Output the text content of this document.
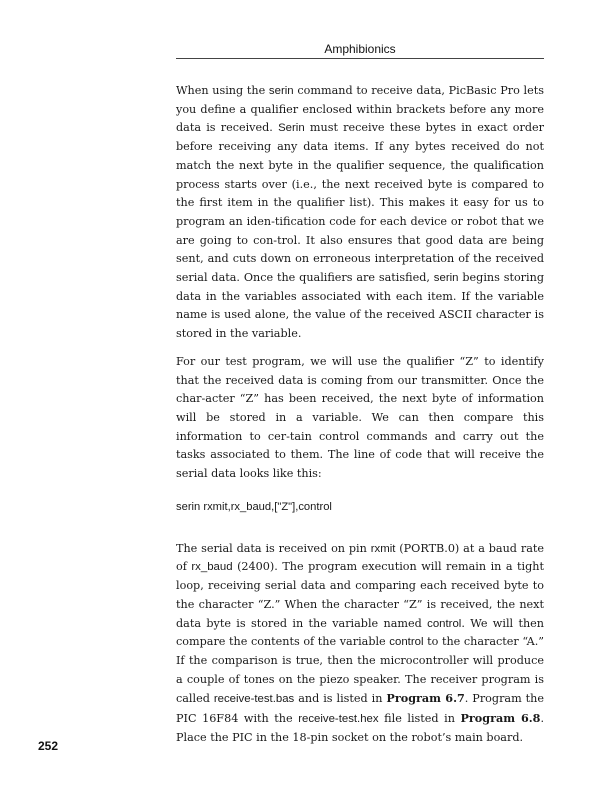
Amphibionics

When using the serin command to receive data, PicBasic Pro lets you define a qualifier enclosed within brackets before any more data is received. Serin must receive these bytes in exact order before receiving any data items. If any bytes received do not match the next byte in the qualifier sequence, the qualification process starts over (i.e., the next received byte is compared to the first item in the qualifier list). This makes it easy for us to program an iden-tification code for each device or robot that we are going to con-trol. It also ensures that good data are being sent, and cuts down on erroneous interpretation of the received serial data. Once the qualifiers are satisfied, serin begins storing data in the variables associated with each item. If the variable name is used alone, the value of the received ASCII character is stored in the variable.

For our test program, we will use the qualifier “Z” to identify that the received data is coming from our transmitter. Once the char-acter “Z” has been received, the next byte of information will be stored in a variable. We can then compare this information to cer-tain control commands and carry out the tasks associated to them. The line of code that will receive the serial data looks like this:

serin rxmit,rx_baud,["Z"],control

The serial data is received on pin rxmit (PORTB.0) at a baud rate of rx_baud (2400). The program execution will remain in a tight loop, receiving serial data and comparing each received byte to the character “Z.” When the character “Z” is received, the next data byte is stored in the variable named control. We will then compare the contents of the variable control to the character “A.” If the comparison is true, then the microcontroller will produce a couple of tones on the piezo speaker. The receiver program is called receive-test.bas and is listed in Program 6.7. Program the PIC 16F84 with the receive-test.hex file listed in Program 6.8. Place the PIC in the 18-pin socket on the robot’s main board.

252
